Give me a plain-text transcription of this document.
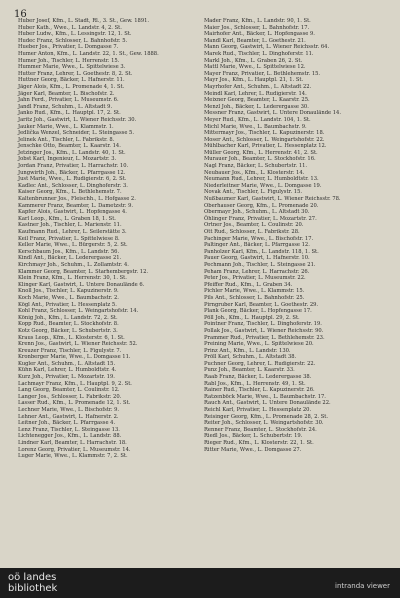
16
Huber Josef, Kfm., L. Stadt, Rl., 3. St., Gew. 1891.
Huber Kath., Wwe., L. Landstr. 4, 2. St.
Huber Ludw., Kfm., L. Lessingstr. 12, 1. St.
Hudec Franz, Schlosser, L. Bahnhofstr. 5.
Hueber Jos., Privatier, L. Domgasse 7.
Humer Anton, Kfm., L. Landstr. 22, 1. St., Gew. 1888.
Humer Joh., Tischler, L. Herrenstr. 15.
Hummer Marie, Wwe., L. Spittelwiese 3.
Hutter Franz, Lehrer, L. Goethestr. 8, 2. St.
Huttner Georg, Bäcker, L. Hafnerstr. 11.
Jäger Alois, Kfm., L. Promenade 4, 1. St.
Jäger Karl, Beamter, L. Bischofstr. 2.
Jahn Ferd., Privatier, L. Museumstr. 6.
Jandl Franz, Schuhm., L. Altstadt 9.
Janko Rud., Kfm., L. Hauptpl. 17, 2. St.
Jaritz Joh., Gastwirt, L. Wiener Reichsstr. 30.
Jauker Marie, Wwe., L. Klammstr. 1.
Jedlička Wenzel, Schneider, L. Steingasse 5.
Jelinek Ant., Tischler, L. Fabrikstr. 8.
Jenschke Otto, Beamter, L. Kaarstr. 14.
Jetzinger Jos., Kfm., L. Landstr. 40, 1. St.
Jobst Karl, Ingenieur, L. Mozartstr. 3.
Jordan Franz, Privatier, L. Harrachstr. 10.
Jungwirth Joh., Bäcker, L. Pfarrgasse 12.
Just Marie, Wwe., L. Rudigierstr. 6, 2. St.
Kadlec Ant., Schlosser, L. Dinghoferstr. 3.
Kaiser Georg, Kfm., L. Bethlehemstr. 7.
Kaltenbrunner Jos., Fleischh., L. Hofgasse 2.
Kammerer Franz, Beamter, L. Dametzstr. 9.
Kapfer Alois, Gastwirt, L. Hopfengasse 4.
Karl Leop., Kfm., L. Graben 18, 1. St.
Kastner Joh., Tischler, L. Marienstr. 11.
Kaufmann Rud., Lehrer, L. Seilerstätte 3.
Keil Franz, Privatier, L. Spittelwiese 8.
Keller Marie, Wwe., L. Bürgerstr. 5, 2. St.
Kerschbaum Jos., Kfm., L. Landstr. 56.
Kindl Ant., Bäcker, L. Lederergasse 21.
Kirchmayr Joh., Schuhm., L. Zollamtstr. 4.
Klammer Georg, Beamter, L. Starhembergstr. 12.
Klein Franz, Kfm., L. Herrenstr. 30, 1. St.
Klinger Karl, Gastwirt, L. Untere Donaulände 6.
Knoll Jos., Tischler, L. Kapuzinerstr. 9.
Koch Marie, Wwe., L. Baumbachstr. 2.
Kögl Ant., Privatier, L. Hessenplatz 5.
Kohl Franz, Schlosser, L. Weingartshofstr. 14.
König Joh., Kfm., L. Landstr. 72, 2. St.
Kopp Rud., Beamter, L. Stockhofstr. 8.
Kotz Georg, Bäcker, L. Schubertstr. 3.
Kraus Leop., Kfm., L. Klosterstr. 6, 1. St.
Krenn Jos., Gastwirt, L. Wiener Reichsstr. 52.
Kreuzer Franz, Tischler, L. Figulystr. 7.
Kronberger Marie, Wwe., L. Domgasse 11.
Kugler Ant., Schuhm., L. Altstadt 15.
Kühn Karl, Lehrer, L. Humboldtstr. 4.
Kurz Joh., Privatier, L. Mozartstr. 19.
Lachmayr Franz, Kfm., L. Hauptpl. 9, 2. St.
Lang Georg, Beamter, L. Coulinstr. 12.
Langer Jos., Schlosser, L. Fabrikstr. 20.
Lasser Rud., Kfm., L. Promenade 12, 1. St.
Lechner Marie, Wwe., L. Bischofstr. 9.
Lehner Ant., Gastwirt, L. Hafnerstr. 2.
Leitner Joh., Bäcker, L. Pfarrgasse 4.
Lenz Franz, Tischler, L. Steingasse 13.
Lichtenegger Jos., Kfm., L. Landstr. 88.
Lindner Karl, Beamter, L. Harrachstr. 18.
Lorenz Georg, Privatier, L. Museumstr. 14.
Luger Marie, Wwe., L. Klammstr. 7, 2. St.
Mader Franz, Kfm., L. Landstr. 90, 1. St.
Maier Jos., Schlosser, L. Bahnhofstr. 17.
Mairhofer Ant., Bäcker, L. Hopfengasse 9.
Mandl Karl, Beamter, L. Goethestr. 21.
Mann Georg, Gastwirt, L. Wiener Reichsstr. 64.
Marek Rud., Tischler, L. Dinghoferstr. 11.
Markl Joh., Kfm., L. Graben 26, 2. St.
Mattl Marie, Wwe., L. Spittelwiese 12.
Mayer Franz, Privatier, L. Bethlehemstr. 15.
Mayr Jos., Kfm., L. Hauptpl. 21, 1. St.
Mayrhofer Ant., Schuhm., L. Altstadt 22.
Meindl Karl, Lehrer, L. Rudigierstr. 14.
Meixner Georg, Beamter, L. Kaarstr. 25.
Menzl Joh., Bäcker, L. Lederergasse 30.
Messner Franz, Gastwirt, L. Untere Donaulände 14.
Meyer Rud., Kfm., L. Landstr. 104, 1. St.
Michl Marie, Wwe., L. Baumbachstr. 9.
Mittermayr Jos., Tischler, L. Kapuzinerstr. 18.
Moser Ant., Schlosser, L. Weingartshofstr. 22.
Mühlbacher Karl, Privatier, L. Hessenplatz 12.
Müller Georg, Kfm., L. Herrenstr. 41, 2. St.
Murauer Joh., Beamter, L. Stockhofstr. 16.
Nagl Franz, Bäcker, L. Schubertstr. 11.
Neubauer Jos., Kfm., L. Klosterstr. 14.
Neumann Rud., Lehrer, L. Humboldtstr. 13.
Niederleitner Marie, Wwe., L. Domgasse 19.
Novak Ant., Tischler, L. Figulystr. 15.
Nußbaumer Karl, Gastwirt, L. Wiener Reichsstr. 78.
Oberhauser Georg, Kfm., L. Promenade 20.
Obermayr Joh., Schuhm., L. Altstadt 30.
Öhlinger Franz, Privatier, L. Mozartstr. 27.
Ortner Jos., Beamter, L. Coulinstr. 20.
Ott Rud., Schlosser, L. Fabrikstr. 28.
Pachinger Marie, Wwe., L. Bischofstr. 17.
Paltinger Ant., Bäcker, L. Pfarrgasse 12.
Panholzer Karl, Kfm., L. Landstr. 118, 1. St.
Pauer Georg, Gastwirt, L. Hafnerstr. 10.
Pechmann Joh., Tischler, L. Steingasse 21.
Peham Franz, Lehrer, L. Harrachstr. 26.
Peter Jos., Privatier, L. Museumstr. 22.
Pfeiffer Rud., Kfm., L. Graben 34.
Pichler Marie, Wwe., L. Klammstr. 15.
Pils Ant., Schlosser, L. Bahnhofstr. 25.
Pirngruber Karl, Beamter, L. Goethestr. 29.
Plank Georg, Bäcker, L. Hopfengasse 17.
Pöll Joh., Kfm., L. Hauptpl. 29, 2. St.
Pointner Franz, Tischler, L. Dinghoferstr. 19.
Pollak Jos., Gastwirt, L. Wiener Reichsstr. 90.
Prammer Rud., Privatier, L. Bethlehemstr. 23.
Preining Marie, Wwe., L. Spittelwiese 20.
Prinz Ant., Kfm., L. Landstr. 130.
Pröll Karl, Schuhm., L. Altstadt 38.
Puchner Georg, Lehrer, L. Rudigierstr. 22.
Punz Joh., Beamter, L. Kaarstr. 33.
Raab Franz, Bäcker, L. Lederergasse 38.
Rabl Jos., Kfm., L. Herrenstr. 49, 1. St.
Rainer Rud., Tischler, L. Kapuzinerstr. 26.
Ratzenböck Marie, Wwe., L. Baumbachstr. 17.
Rauch Ant., Gastwirt, L. Untere Donaulände 22.
Reichl Karl, Privatier, L. Hessenplatz 20.
Reisinger Georg, Kfm., L. Promenade 28, 2. St.
Reiter Joh., Schlosser, L. Weingartshofstr. 30.
Renner Franz, Beamter, L. Stockhofstr. 24.
Riedl Jos., Bäcker, L. Schubertstr. 19.
Rieger Rud., Kfm., L. Klosterstr. 22, 1. St.
Ritter Marie, Wwe., L. Domgasse 27.
oö landes
bibliothek	intranda viewer
